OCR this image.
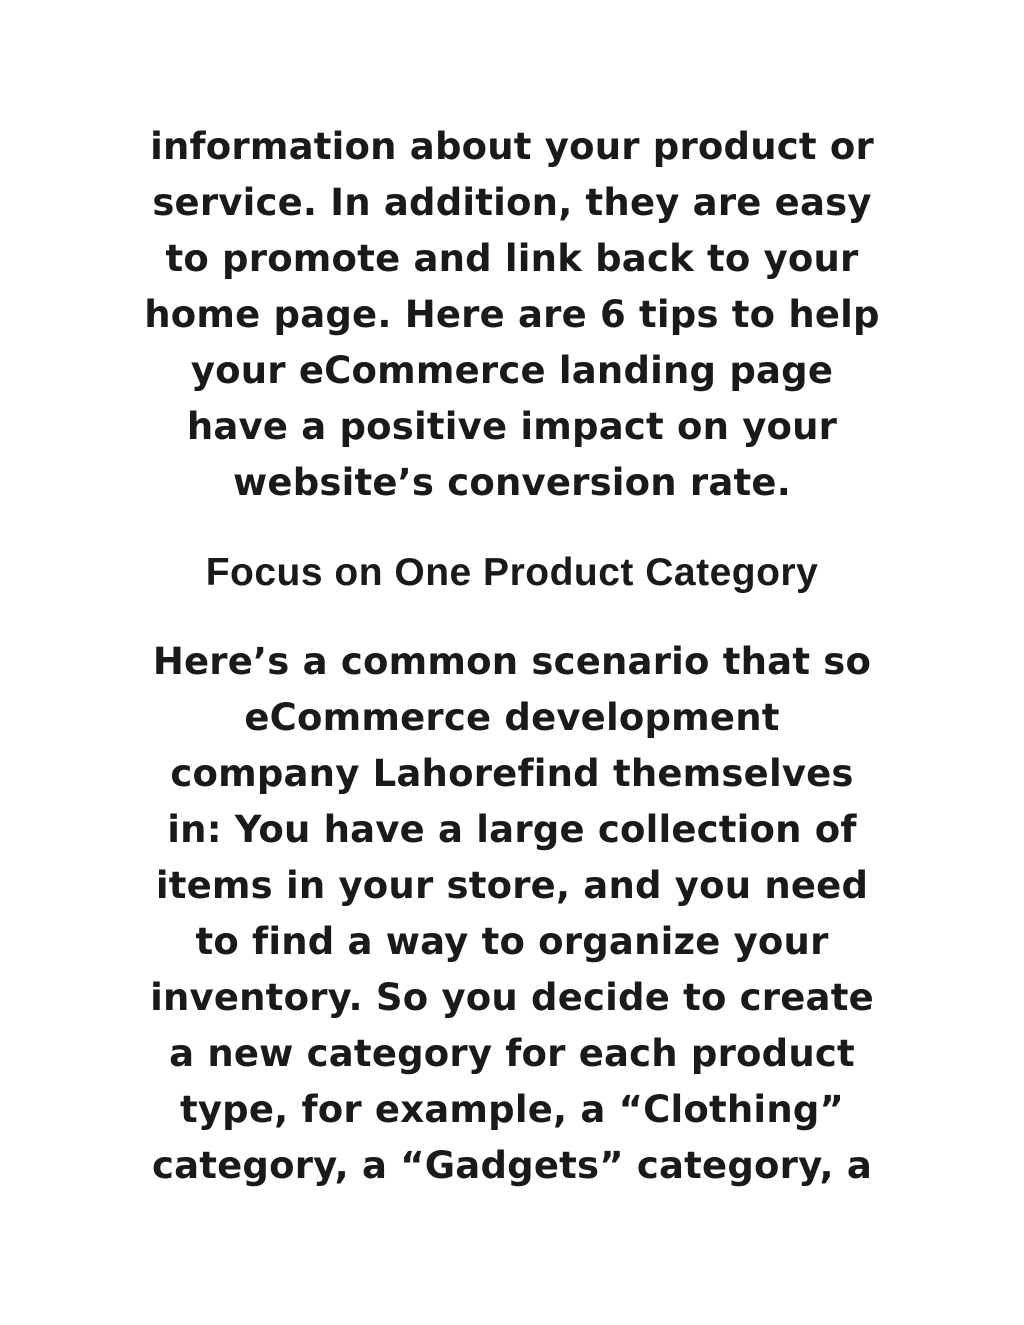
information about your product or
service. In addition, they are easy
to promote and link back to your
home page. Here are 6 tips to help
your eCommerce landing page
have a positive impact on your
website’s conversion rate.
Focus on One Product Category
Here’s a common scenario that so
eCommerce development
company Lahorefind themselves
in: You have a large collection of
items in your store, and you need
to find a way to organize your
inventory. So you decide to create
a new category for each product
type, for example, a “Clothing”
category, a “Gadgets” category, a
